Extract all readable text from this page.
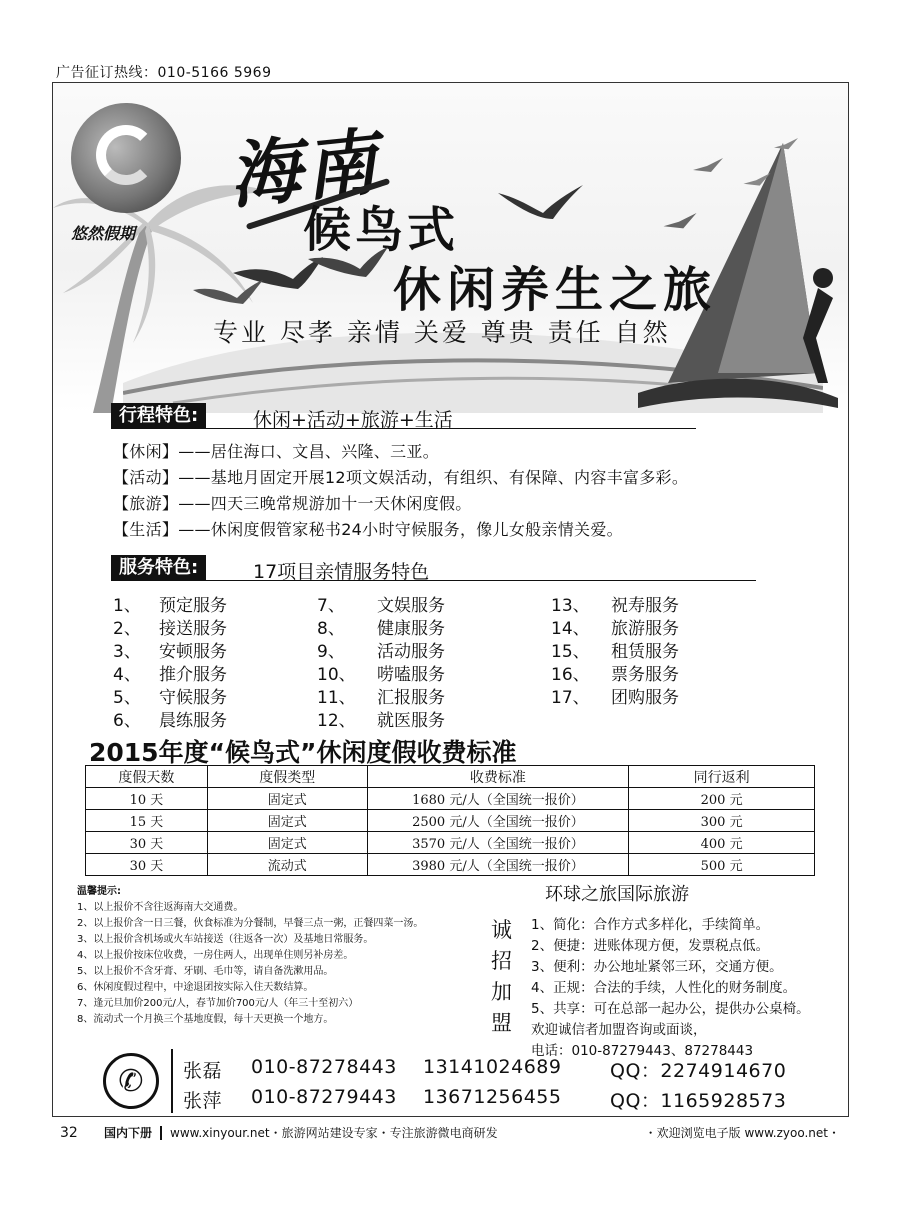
广告征订热线：010-5166 5969
悠然假期
海南
候鸟式
休闲养生之旅
专业 尽孝 亲情 关爱 尊贵 责任 自然
行程特色:	休闲+活动+旅游+生活
【休闲】——居住海口、文昌、兴隆、三亚。
【活动】——基地月固定开展12项文娱活动，有组织、有保障、内容丰富多彩。
【旅游】——四天三晚常规游加十一天休闲度假。
【生活】——休闲度假管家秘书24小时守候服务，像儿女般亲情关爱。
服务特色:	17项目亲情服务特色
1、 预定服务
2、 接送服务
3、 安顿服务
4、 推介服务
5、 守候服务
6、 晨练服务
7、 文娱服务
8、 健康服务
9、 活动服务
10、 唠嗑服务
11、 汇报服务
12、 就医服务
13、 祝寿服务
14、 旅游服务
15、 租赁服务
16、 票务服务
17、 团购服务
2015年度“候鸟式”休闲度假收费标准
度假天数	度假类型	收费标准	同行返利
10 天	固定式	1680 元/人（全国统一报价）	200 元
15 天	固定式	2500 元/人（全国统一报价）	300 元
30 天	固定式	3570 元/人（全国统一报价）	400 元
30 天	流动式	3980 元/人（全国统一报价）	500 元
温馨提示:
1、以上报价不含往返海南大交通费。
2、以上报价含一日三餐，伙食标准为分餐制，早餐三点一粥，正餐四菜一汤。
3、以上报价含机场或火车站接送（往返各一次）及基地日常服务。
4、以上报价按床位收费，一房住两人，出现单住则另补房差。
5、以上报价不含牙膏、牙刷、毛巾等，请自备洗漱用品。
6、休闲度假过程中，中途退团按实际入住天数结算。
7、逢元旦加价200元/人，春节加价700元/人（年三十至初六）
8、流动式一个月换三个基地度假，每十天更换一个地方。
环球之旅国际旅游
诚招加盟
1、简化：合作方式多样化，手续简单。
2、便捷：进账体现方便，发票税点低。
3、便利：办公地址紧邻三环，交通方便。
4、正规：合法的手续，人性化的财务制度。
5、共享：可在总部一起办公，提供办公桌椅。
欢迎诚信者加盟咨询或面谈，
电话：010-87279443、87278443
✆	张磊 010-87278443 13141024689	QQ：2274914670
张萍 010-87279443 13671256455	QQ：1165928573
32	国内下册 www.xinyour.net・旅游网站建设专家・专注旅游微电商研发	・欢迎浏览电子版 www.zyoo.net・
